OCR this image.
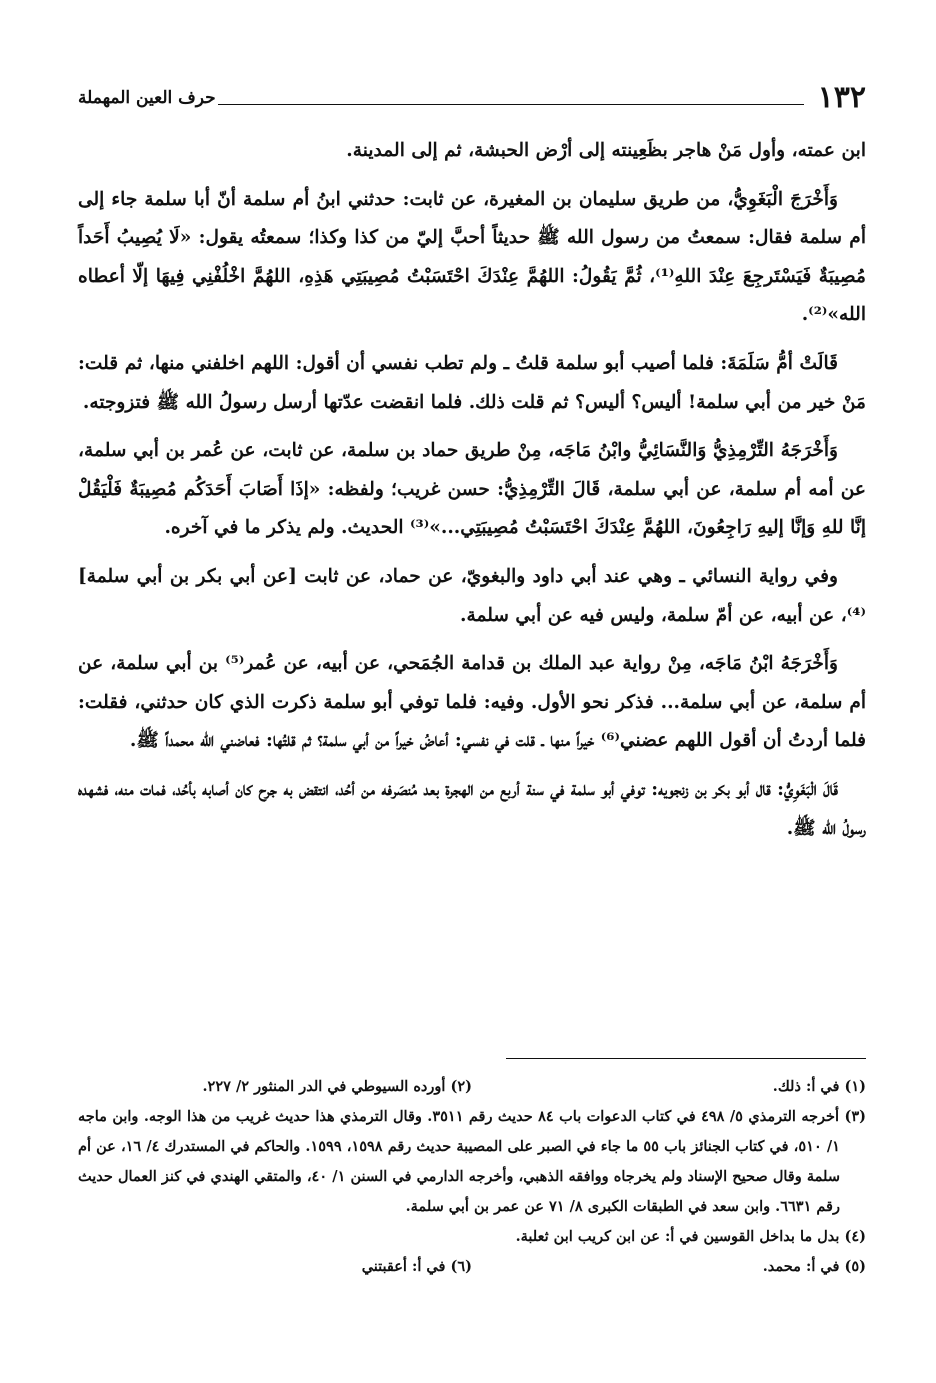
١٣٢
حرف العين المهملة

ابن عمته، وأول مَنْ هاجر بظَعِينته إلى أرْض الحبشة، ثم إلى المدينة.

وَأَخْرَجَ الْبَغَوِيُّ، من طريق سليمان بن المغيرة، عن ثابت: حدثني ابنُ أم سلمة أنّ أبا سلمة جاء إلى أم سلمة فقال: سمعتُ من رسول الله ﷺ حديثاً أحبَّ إليّ من كذا وكذا؛ سمعتُه يقول: «لَا يُصِيبُ أَحَداً مُصِيبَةٌ فَيَسْتَرجِعَ عِنْدَ اللهِ⁽¹⁾، ثُمَّ يَقُولُ: اللهُمَّ عِنْدَكَ احْتَسَبْتُ مُصِيبَتِي هَذِهِ، اللهُمَّ اخْلُفْنِي فِيهَا إلّا أعطاه الله»⁽²⁾.

قَالَتْ أمُّ سَلَمَةَ: فلما أصيب أبو سلمة قلتُ ـ ولم تطب نفسي أن أقول: اللهم اخلفني منها، ثم قلت: مَنْ خير من أبي سلمة! أليس؟ أليس؟ ثم قلت ذلك. فلما انقضت عدّتها أرسل رسولُ الله ﷺ فتزوجته.

وَأَخْرَجَهُ التِّرْمِذِيُّ وَالنَّسَائِيُّ وابْنُ مَاجَه، مِنْ طريق حماد بن سلمة، عن ثابت، عن عُمر بن أبي سلمة، عن أمه أم سلمة، عن أبي سلمة، قَالَ التِّرْمِذِيُّ: حسن غريب؛ ولفظه: «إذَا أَصَابَ أَحَدَكُم مُصِيبَةٌ فَلْيَقُلْ إنَّا للهِ وَإنَّا إليهِ رَاجِعُونَ، اللهُمَّ عِنْدَكَ احْتَسَبْتُ مُصِيبَتِي...»⁽³⁾ الحديث. ولم يذكر ما في آخره.

وفي رواية النسائي ـ وهي عند أبي داود والبغويّ، عن حماد، عن ثابت [عن أبي بكر بن أبي سلمة]⁽⁴⁾، عن أبيه، عن أمّ سلمة، وليس فيه عن أبي سلمة.

وَأَخْرَجَهُ ابْنُ مَاجَه، مِنْ رواية عبد الملك بن قدامة الجُمَحي، عن أبيه، عن عُمر⁽⁵⁾ بن أبي سلمة، عن أم سلمة، عن أبي سلمة... فذكر نحو الأول. وفيه: فلما توفي أبو سلمة ذكرت الذي كان حدثني، فقلت: فلما أردتُ أن أقول اللهم عضني⁽⁶⁾ خيراً منها ـ قلت في نفسي: أعاضُ خيراً من أبي سلمة؟ ثم قلتُها: فعاضني الله محمداً ﷺ.

قَالَ الْبَغَوِيُّ: قال أبو بكر بن زنجويه: توفي أبو سلمة في سنة أربع من الهجرة بعد مُنصَرفه من أحُد، انتقض به جرح كان أصابه بأحُد، فمات منه، فشهده رسولُ الله ﷺ.

(١) في أ: ذلك.
(٢) أورده السيوطي في الدر المنثور ٢/ ٢٢٧.
(٣) أخرجه الترمذي ٥/ ٤٩٨ في كتاب الدعوات باب ٨٤ حديث رقم ٣٥١١. وقال الترمذي هذا حديث غريب من هذا الوجه. وابن ماجه ١/ ٥١٠، في كتاب الجنائز باب ٥٥ ما جاء في الصبر على المصيبة حديث رقم ١٥٩٨، ١٥٩٩. والحاكم في المستدرك ٤/ ١٦، عن أم سلمة وقال صحيح الإسناد ولم يخرجاه ووافقه الذهبي، وأخرجه الدارمي في السنن ١/ ٤٠، والمتقي الهندي في كنز العمال حديث رقم ٦٦٣١. وابن سعد في الطبقات الكبرى ٨/ ٧١ عن عمر بن أبي سلمة.
(٤) بدل ما بداخل القوسين في أ: عن ابن كريب ابن ثعلبة.
(٥) في أ: محمد.
(٦) في أ: أعقبتني
